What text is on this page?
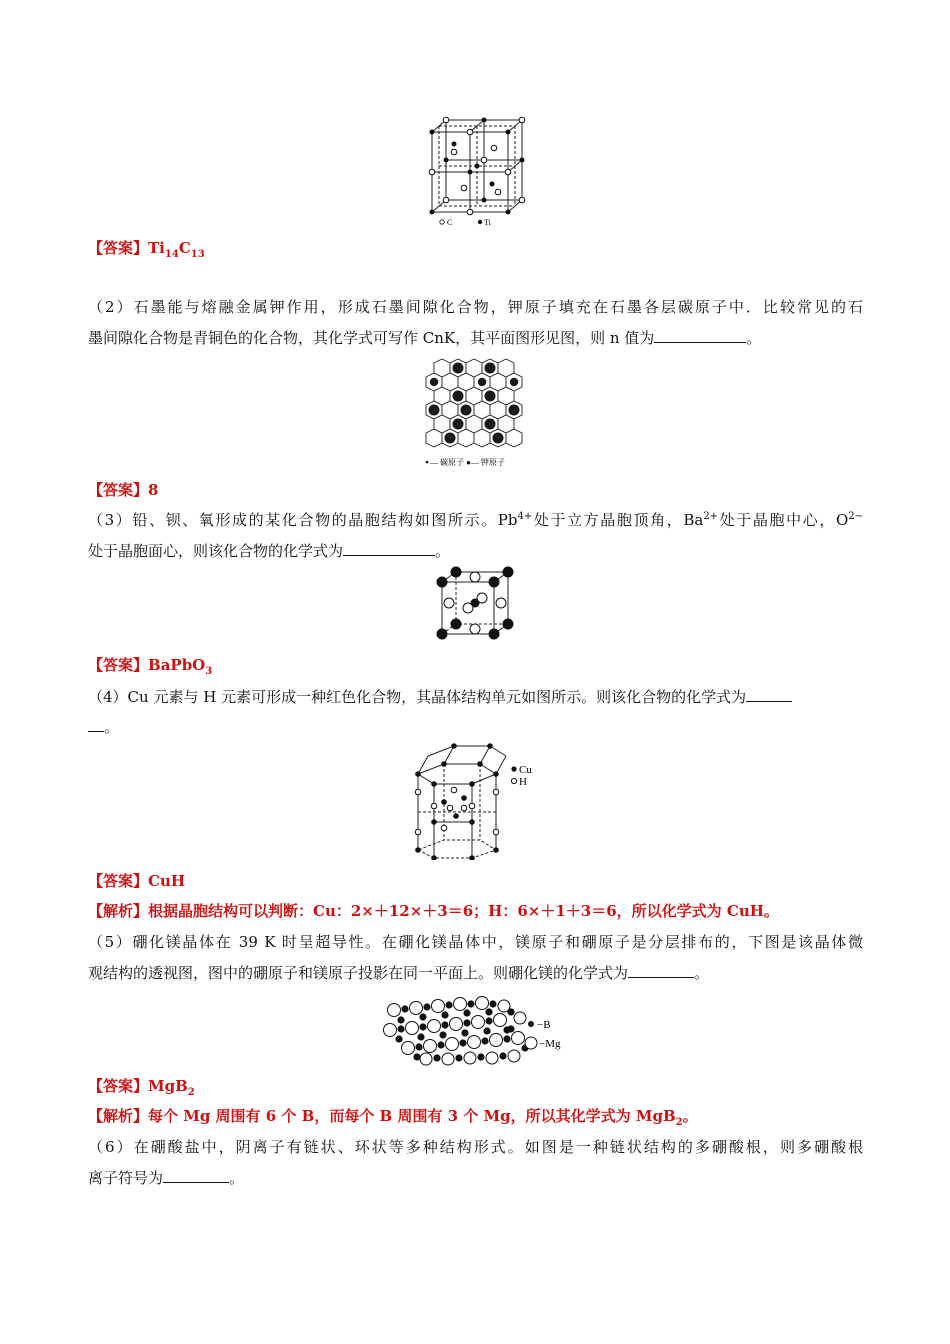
C	Ti
【答案】$Ti_{14}C_{13}$
（2）石墨能与熔融金属钾作用，形成石墨间隙化合物，钾原子填充在石墨各层碳原子中．比较常见的石
墨间隙化合物是青铜色的化合物，其化学式可写作 CnK，其平面图形见图，则 n 值为	。
— 碳原子 ●— 钾原子
【答案】8
（3）铅、钡、氧形成的某化合物的晶胞结构如图所示。$Pb^{4+}$处于立方晶胞顶角，$Ba^{2+}$处于晶胞中心，$O^{2-}$
处于晶胞面心，则该化合物的化学式为	。
【答案】BaPbO$_3$
（4）Cu 元素与 H 元素可形成一种红色化合物，其晶体结构单元如图所示。则该化合物的化学式为
。
Cu
H
【答案】CuH
【解析】根据晶胞结构可以判断：Cu：2×＋12×＋3＝6；H：6×＋1＋3＝6，所以化学式为 CuH。
（5）硼化镁晶体在 39 K 时呈超导性。在硼化镁晶体中，镁原子和硼原子是分层排布的，下图是该晶体微
观结构的透视图，图中的硼原子和镁原子投影在同一平面上。则硼化镁的化学式为	。
−B
−Mg
【答案】MgB$_2$
【解析】每个 Mg 周围有 6 个 B，而每个 B 周围有 3 个 Mg，所以其化学式为 MgB$_2$。
（6）在硼酸盐中，阴离子有链状、环状等多种结构形式。如图是一种链状结构的多硼酸根，则多硼酸根
离子符号为	。
